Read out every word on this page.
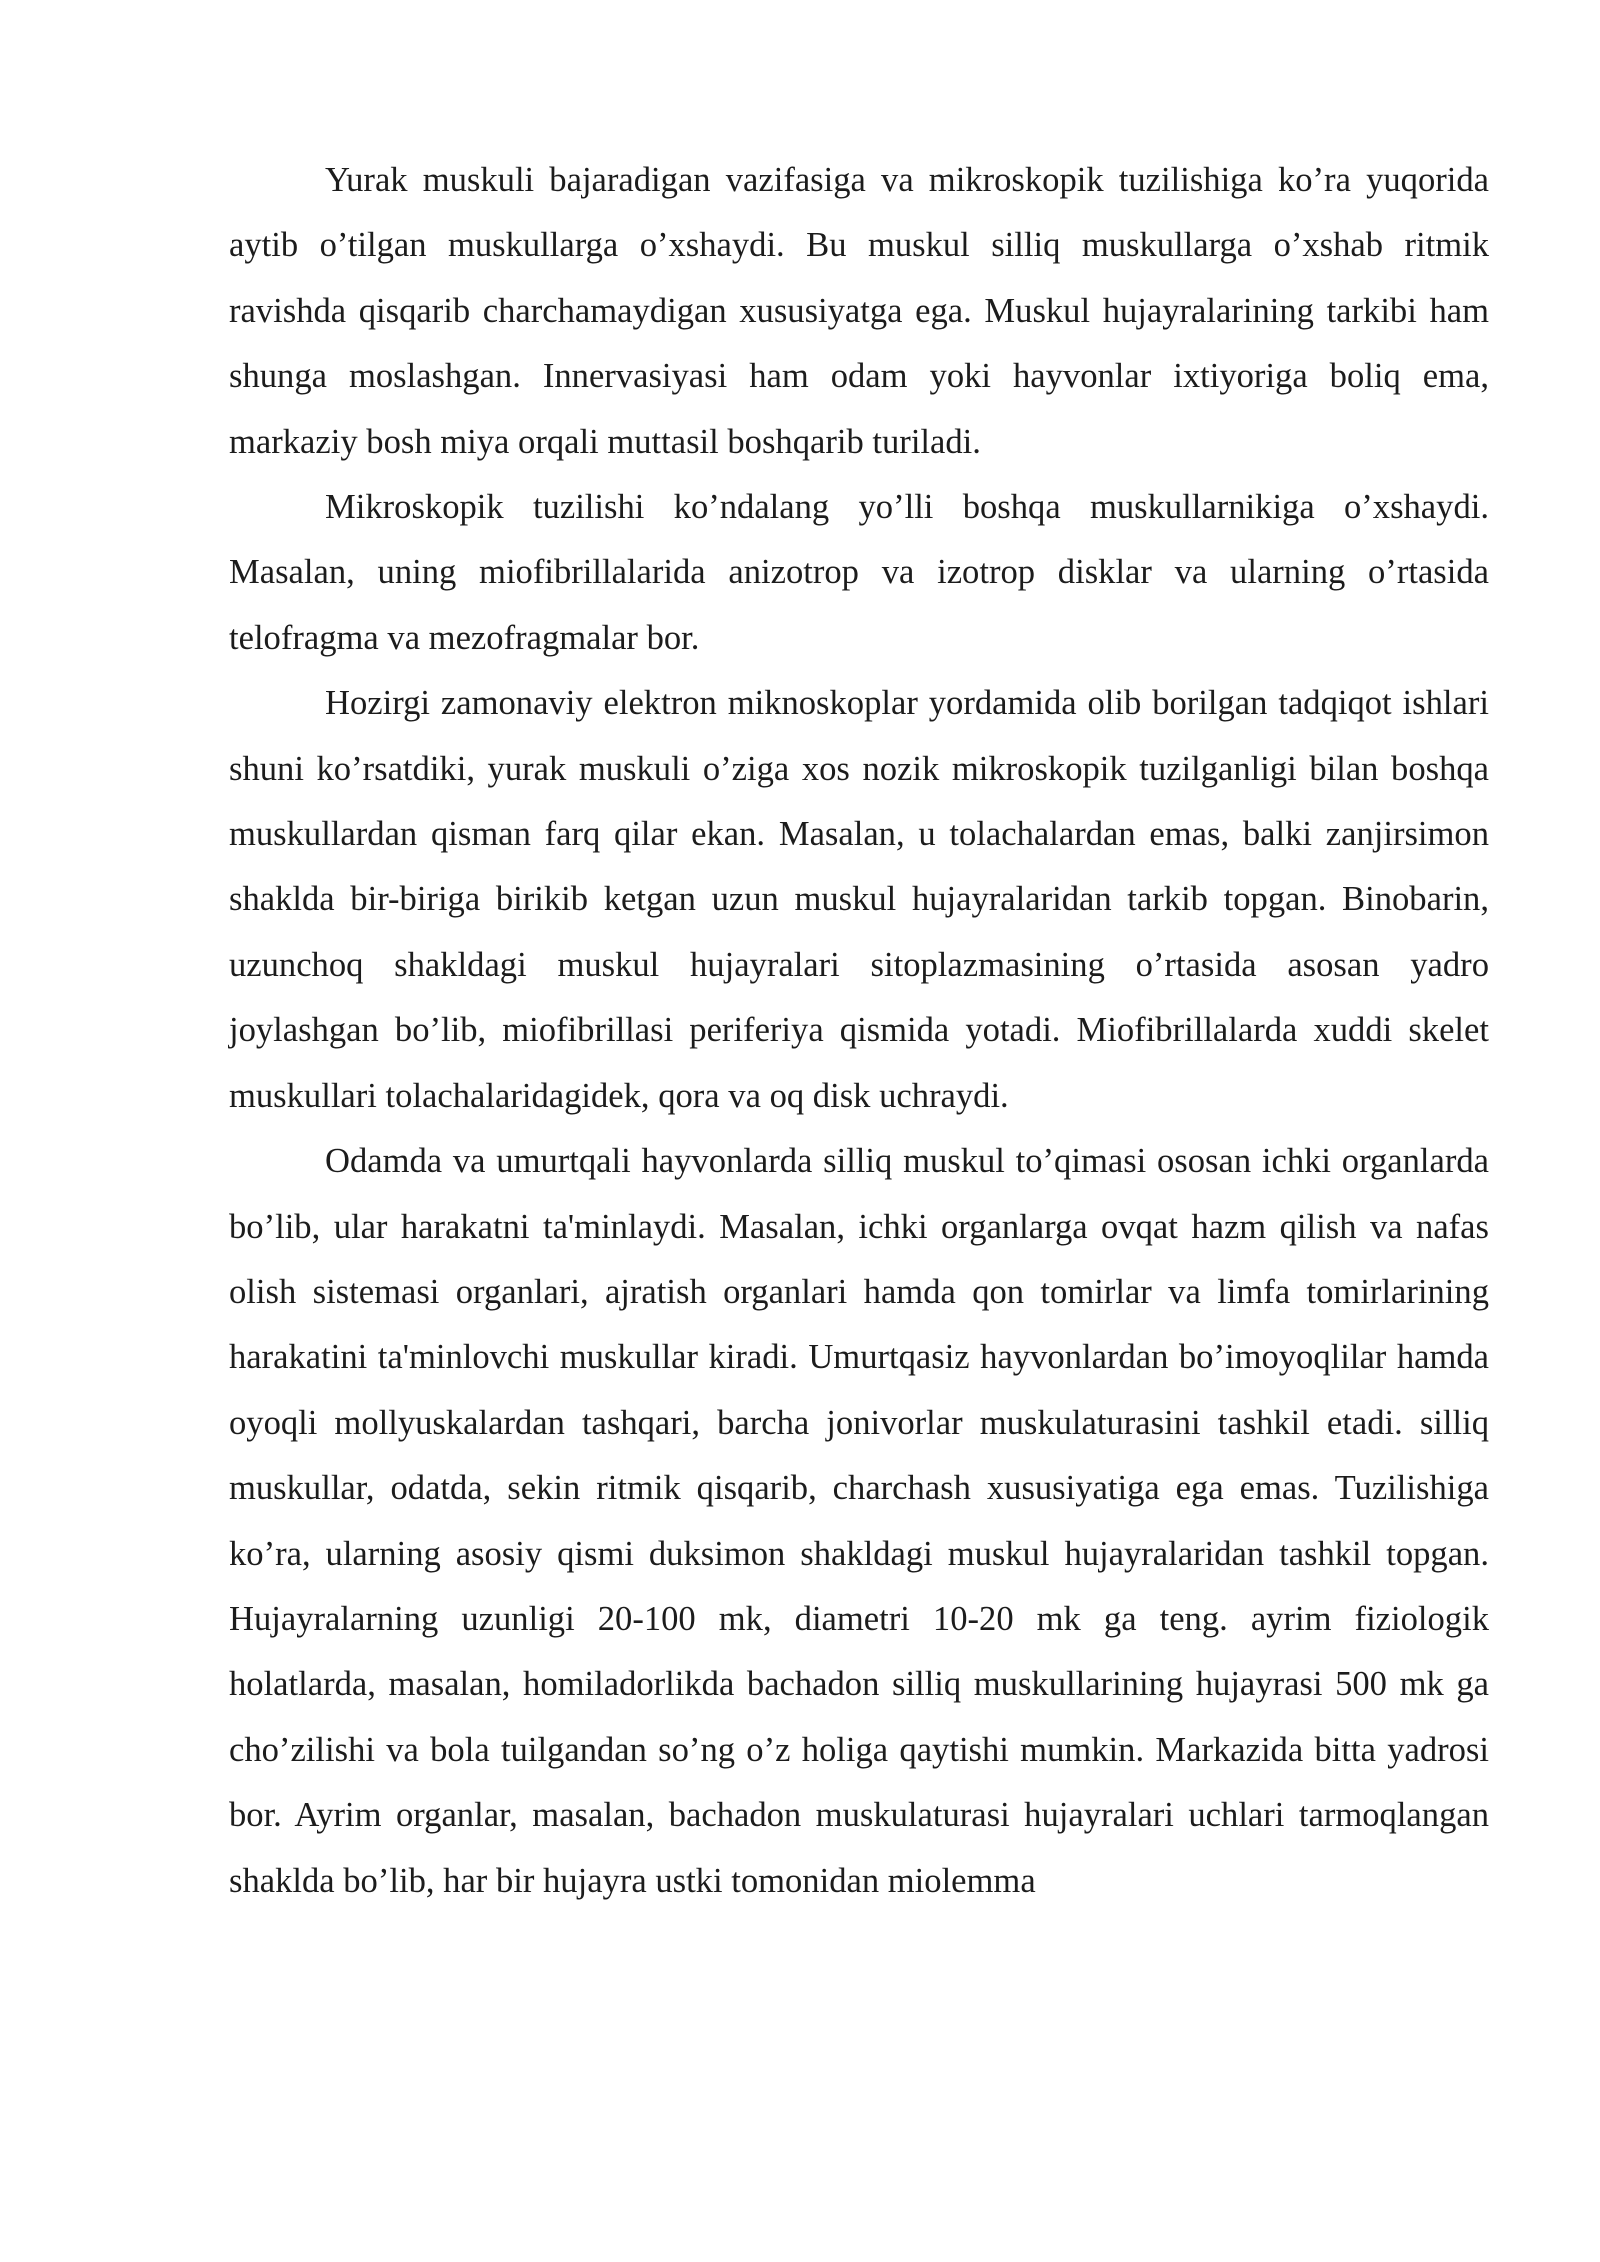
Yurak muskuli bajaradigan vazifasiga va mikroskopik tuzilishiga ko’ra yuqorida aytib o’tilgan muskullarga o’xshaydi. Bu muskul silliq muskullarga o’xshab ritmik ravishda qisqarib charchamaydigan xususiyatga ega. Muskul hujayralarining tarkibi ham shunga moslashgan. Innervasiyasi ham odam yoki hayvonlar ixtiyoriga boliq ema, markaziy bosh miya orqali muttasil boshqarib turiladi.

Mikroskopik tuzilishi ko’ndalang yo’lli boshqa muskullarnikiga o’xshaydi. Masalan, uning miofibrillalarida anizotrop va izotrop disklar va ularning o’rtasida telofragma va mezofragmalar bor.

Hozirgi zamonaviy elektron miknoskoplar yordamida olib borilgan tadqiqot ishlari shuni ko’rsatdiki, yurak muskuli o’ziga xos nozik mikroskopik tuzilganligi bilan boshqa muskullardan qisman farq qilar ekan. Masalan, u tolachalardan emas, balki zanjirsimon shaklda bir-biriga birikib ketgan uzun muskul hujayralaridan tarkib topgan. Binobarin, uzunchoq shakldagi muskul hujayralari sitoplazmasining o’rtasida asosan yadro joylashgan bo’lib, miofibrillasi periferiya qismida yotadi. Miofibrillalarda xuddi skelet muskullari tolachalaridagidek, qora va oq disk uchraydi.

Odamda va umurtqali hayvonlarda silliq muskul to’qimasi ososan ichki organlarda bo’lib, ular harakatni ta'minlaydi. Masalan, ichki organlarga ovqat hazm qilish va nafas olish sistemasi organlari, ajratish organlari hamda qon tomirlar va limfa tomirlarining harakatini ta'minlovchi muskullar kiradi. Umurtqasiz hayvonlardan bo’imoyoqlilar hamda oyoqli mollyuskalardan tashqari, barcha jonivorlar muskulaturasini tashkil etadi. silliq muskullar, odatda, sekin ritmik qisqarib, charchash xususiyatiga ega emas. Tuzilishiga ko’ra, ularning asosiy qismi duksimon shakldagi muskul hujayralaridan tashkil topgan. Hujayralarning uzunligi 20-100 mk, diametri 10-20 mk ga teng. ayrim fiziologik holatlarda, masalan, homiladorlikda bachadon silliq muskullarining hujayrasi 500 mk ga cho’zilishi va bola tuilgandan so’ng o’z holiga qaytishi mumkin. Markazida bitta yadrosi bor. Ayrim organlar, masalan, bachadon muskulaturasi hujayralari uchlari tarmoqlangan shaklda bo’lib, har bir hujayra ustki tomonidan miolemma
